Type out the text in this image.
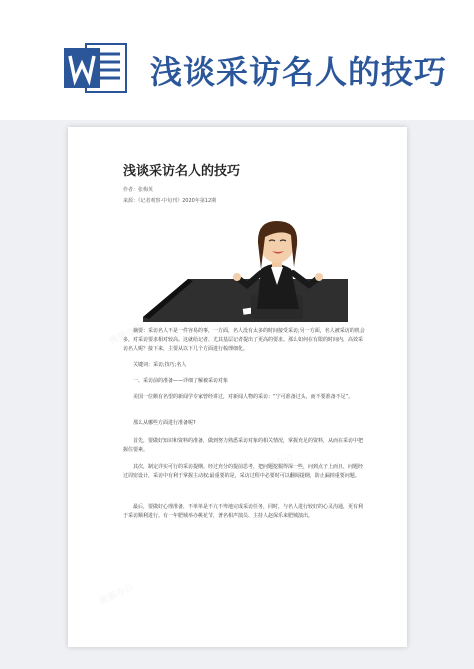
浅谈采访名人的技巧
熊猫办公
熊猫办公
熊猫办公
浅谈采访名人的技巧
作者：张梅英
来源：《记者观察·中旬刊》2020年第12期
摘要：采访名人不是一件容易的事，一方面，名人没有太多的时间接受采访;另一方面，名人被采访的机会多，对采访要求相对较高。这就给记者、尤其基层记者提出了更高的要求。那么如何在有限的时间内，高效采访名人呢？接下来，主要从以下几个方面进行梳理细化。
关键词：采访;技巧;名人
一、采访前的准备——详细了解被采访对象
美国一位颇有名望的新闻学专家曾经讲过，对新闻人物的采访：“宁可准备过头，而不要准备不足”。
那么从哪些方面进行准备呢?
首先，要做好知识和资料的准备，做到努力熟悉采访对象的相关情况，掌握充足的资料，从而在采访中把握住要素。
其次，制定详实可行的采访提纲。经过充分的提前思考，把问题挖掘得深一些，问到点子上而且，问题经过周密设计，采访中有利于掌握主动权;最重要的是，采访过程中必要时可以翻阅提纲，防止漏掉重要问题。
最后，要做好心理准备，不单单是不亢不卑地完成采访任务，同时，与名人进行较好的心灵沟通，更有利于采访顺利进行。有一年肥城举办桃花节，著名相声演员、主持人赵保乐来肥城演出。
